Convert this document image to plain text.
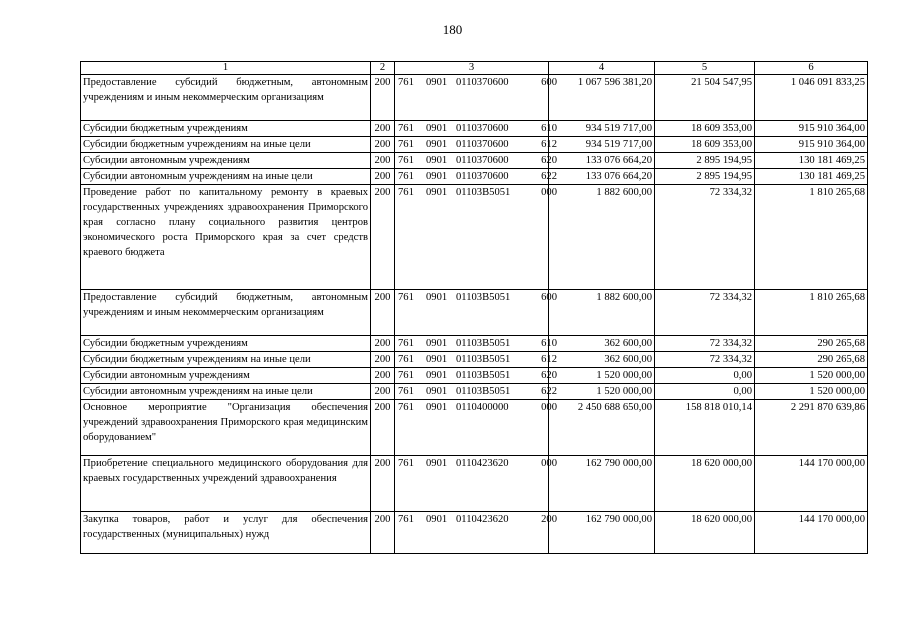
180
1	2	3	4	5	6
Предоставление субсидий бюджетным, автономным учреждениям и иным некоммерческим организациям	200	761 0901 0110370600 600	1 067 596 381,20	21 504 547,95	1 046 091 833,25
Субсидии бюджетным учреждениям	200	761 0901 0110370600 610	934 519 717,00	18 609 353,00	915 910 364,00
Субсидии бюджетным учреждениям на иные цели	200	761 0901 0110370600 612	934 519 717,00	18 609 353,00	915 910 364,00
Субсидии автономным учреждениям	200	761 0901 0110370600 620	133 076 664,20	2 895 194,95	130 181 469,25
Субсидии автономным учреждениям на иные цели	200	761 0901 0110370600 622	133 076 664,20	2 895 194,95	130 181 469,25
Проведение работ по капитальному ремонту в краевых государственных учреждениях здравоохранения Приморского края согласно плану социального развития центров экономического роста Приморского края за счет средств краевого бюджета	200	761 0901 01103В5051 000	1 882 600,00	72 334,32	1 810 265,68
Предоставление субсидий бюджетным, автономным учреждениям и иным некоммерческим организациям	200	761 0901 01103В5051 600	1 882 600,00	72 334,32	1 810 265,68
Субсидии бюджетным учреждениям	200	761 0901 01103В5051 610	362 600,00	72 334,32	290 265,68
Субсидии бюджетным учреждениям на иные цели	200	761 0901 01103В5051 612	362 600,00	72 334,32	290 265,68
Субсидии автономным учреждениям	200	761 0901 01103В5051 620	1 520 000,00	0,00	1 520 000,00
Субсидии автономным учреждениям на иные цели	200	761 0901 01103В5051 622	1 520 000,00	0,00	1 520 000,00
Основное мероприятие "Организация обеспечения учреждений здравоохранения Приморского края медицинским оборудованием"	200	761 0901 0110400000 000	2 450 688 650,00	158 818 010,14	2 291 870 639,86
Приобретение специального медицинского оборудования для краевых государственных учреждений здравоохранения	200	761 0901 0110423620 000	162 790 000,00	18 620 000,00	144 170 000,00
Закупка товаров, работ и услуг для обеспечения государственных (муниципальных) нужд	200	761 0901 0110423620 200	162 790 000,00	18 620 000,00	144 170 000,00
